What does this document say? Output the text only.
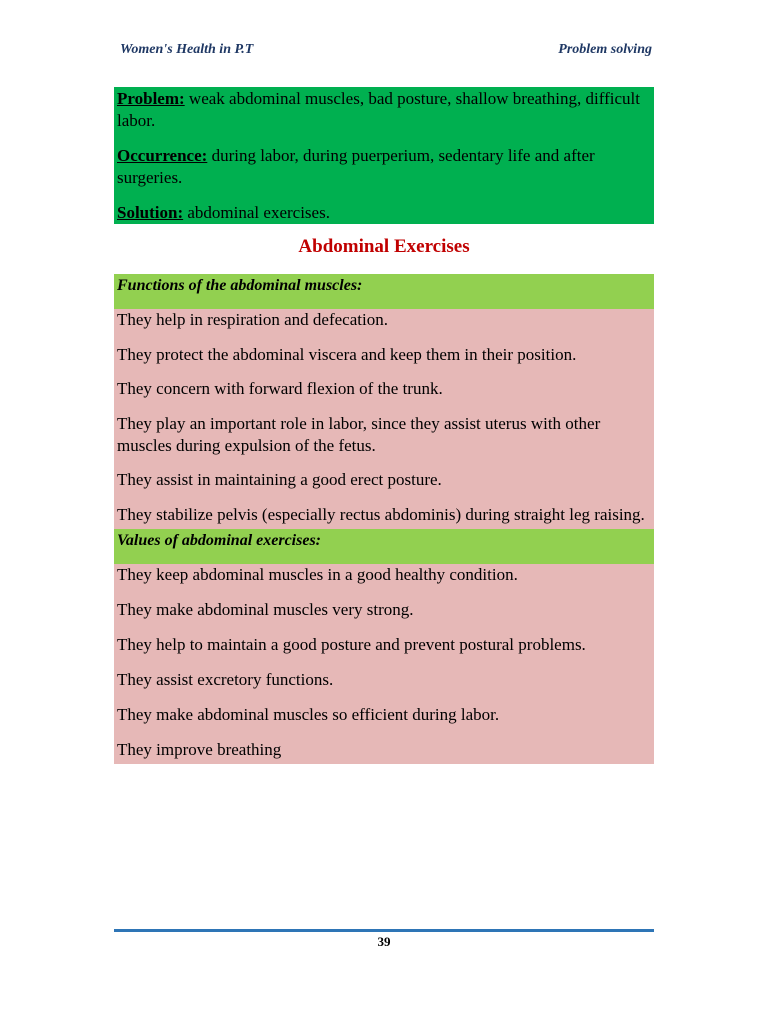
Women's Health in P.T	Problem solving

Problem: weak abdominal muscles, bad posture, shallow breathing, difficult labor.

Occurrence: during labor, during puerperium, sedentary life and after surgeries.

Solution: abdominal exercises.

Abdominal Exercises
Functions of the abdominal muscles:

They help in respiration and defecation.

They protect the abdominal viscera and keep them in their position.

They concern with forward flexion of the trunk.

They play an important role in labor, since they assist uterus with other muscles during expulsion of the fetus.

They assist in maintaining a good erect posture.

They stabilize pelvis (especially rectus abdominis) during straight leg raising.

Values of abdominal exercises:

They keep abdominal muscles in a good healthy condition.

They make abdominal muscles very strong.

They help to maintain a good posture and prevent postural problems.

They assist excretory functions.

They make abdominal muscles so efficient during labor.

They improve breathing

39
